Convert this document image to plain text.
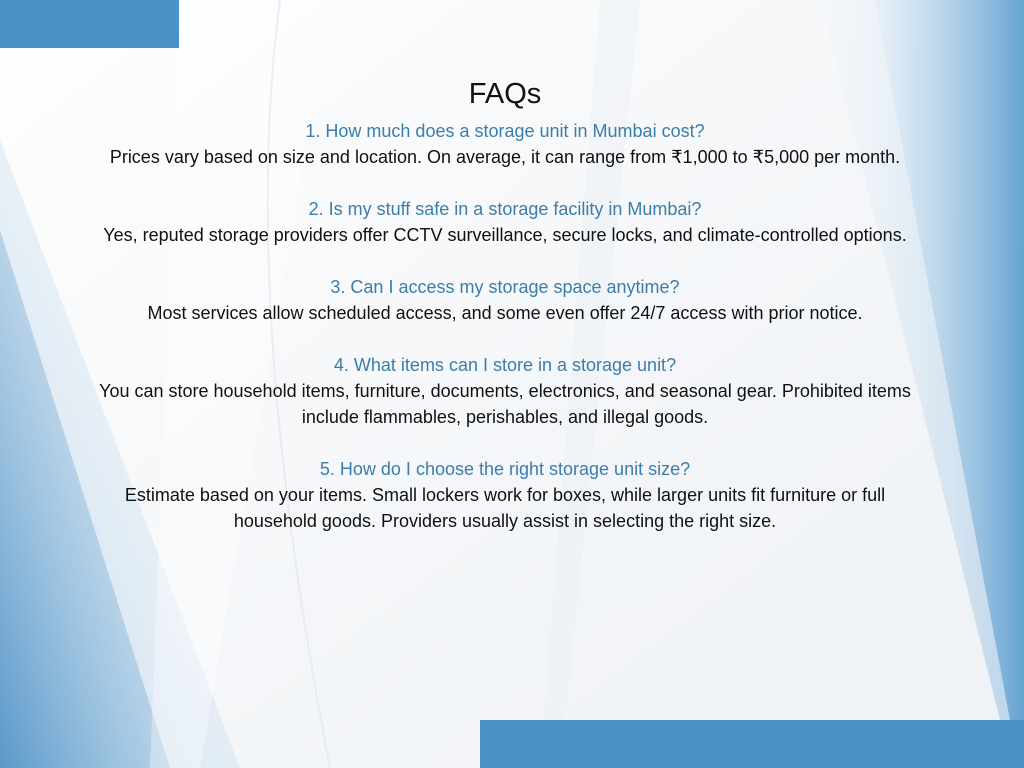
FAQs

1. How much does a storage unit in Mumbai cost?

Prices vary based on size and location. On average, it can range from ₹1,000 to ₹5,000 per month.

2. Is my stuff safe in a storage facility in Mumbai?

Yes, reputed storage providers offer CCTV surveillance, secure locks, and climate-controlled options.

3. Can I access my storage space anytime?

Most services allow scheduled access, and some even offer 24/7 access with prior notice.

4. What items can I store in a storage unit?

You can store household items, furniture, documents, electronics, and seasonal gear. Prohibited items include flammables, perishables, and illegal goods.

5. How do I choose the right storage unit size?

Estimate based on your items. Small lockers work for boxes, while larger units fit furniture or full household goods. Providers usually assist in selecting the right size.
